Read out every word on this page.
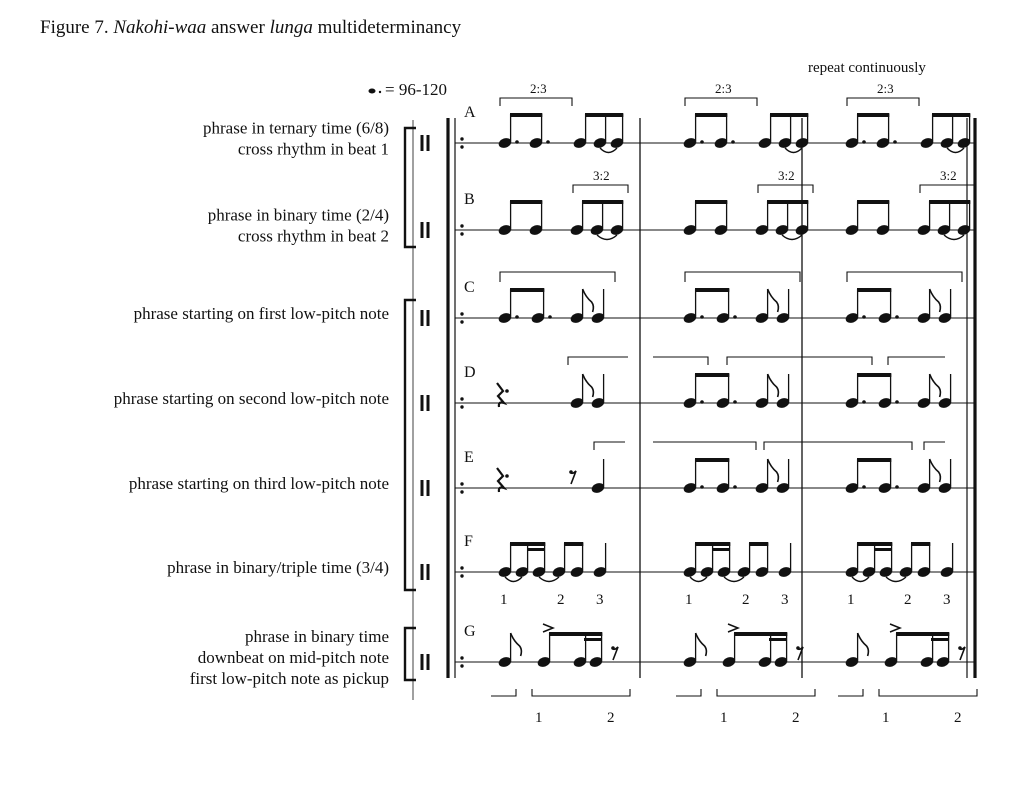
Figure 7. Nakohi-waa answer lunga multideterminancy
= 96-120
repeat continuously
phrase in ternary time (6/8)
cross rhythm in beat 1
phrase in binary time (2/4)
cross rhythm in beat 2
phrase starting on first low-pitch note
phrase starting on second low-pitch note
phrase starting on third low-pitch note
phrase in binary/triple time (3/4)
phrase in binary time
downbeat on mid-pitch note
first low-pitch note as pickup
A
B
C
D
E
F
G
2:3
3:2
1	2 3
2:3
3:2
1	2 3
2:3
3:2
1	2 3
1	2	1	2	1	2
